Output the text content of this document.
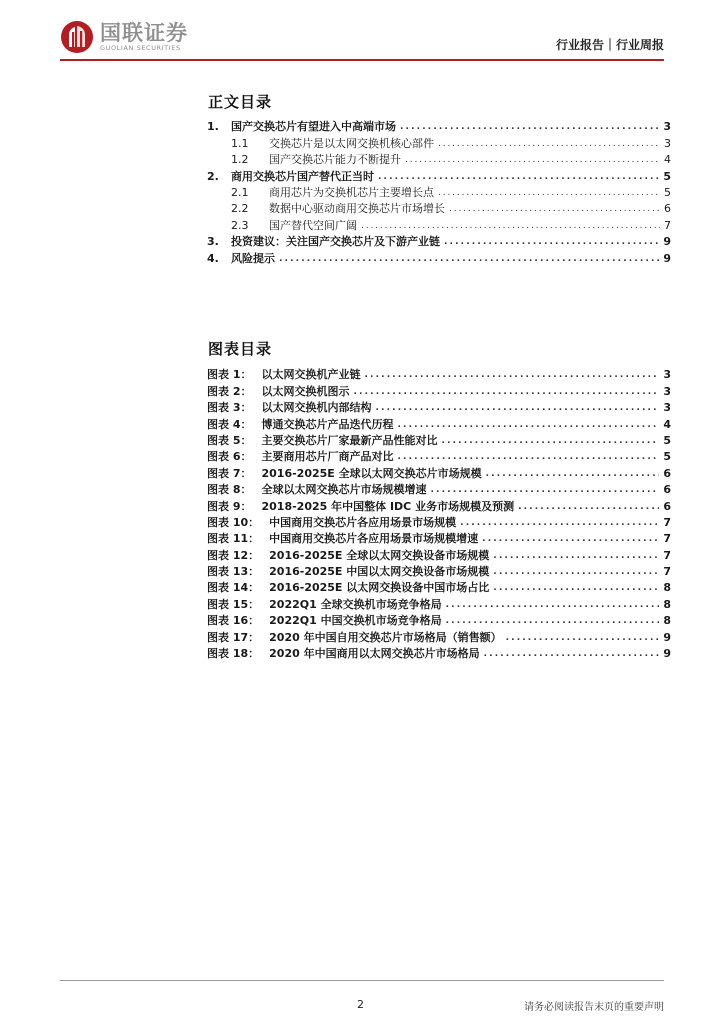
国联证券
GUOLIAN SECURITIES	行业报告｜行业周报
正文目录
1.	国产交换芯片有望进入中高端市场 . . .	3
1.1	交换芯片是以太网交换机核心部件 . . .	3
1.2	国产交换芯片能力不断提升 . . .	4
2.	商用交换芯片国产替代正当时 . . .	5
2.1	商用芯片为交换机芯片主要增长点 . . .	5
2.2	数据中心驱动商用交换芯片市场增长 . . .	6
2.3	国产替代空间广阔 . . .	7
3.	投资建议：关注国产交换芯片及下游产业链 . . .	9
4.	风险提示 . . .	9
图表目录
图表 1： 以太网交换机产业链 . . .	3
图表 2： 以太网交换机图示 . . .	3
图表 3： 以太网交换机内部结构 . . .	3
图表 4： 博通交换芯片产品迭代历程 . . .	4
图表 5： 主要交换芯片厂家最新产品性能对比 . . .	5
图表 6： 主要商用芯片厂商产品对比 . . .	5
图表 7： 2016-2025E 全球以太网交换芯片市场规模 . . .	6
图表 8： 全球以太网交换芯片市场规模增速 . . .	6
图表 9： 2018-2025 年中国整体 IDC 业务市场规模及预测 . . .	6
图表 10： 中国商用交换芯片各应用场景市场规模 . . .	7
图表 11： 中国商用交换芯片各应用场景市场规模增速 . . .	7
图表 12： 2016-2025E 全球以太网交换设备市场规模 . . .	7
图表 13： 2016-2025E 中国以太网交换设备市场规模 . . .	7
图表 14： 2016-2025E 以太网交换设备中国市场占比 . . .	8
图表 15： 2022Q1 全球交换机市场竞争格局 . . .	8
图表 16： 2022Q1 中国交换机市场竞争格局 . . .	8
图表 17： 2020 年中国自用交换芯片市场格局（销售额） . . .	9
图表 18： 2020 年中国商用以太网交换芯片市场格局 . . .	9
2	请务必阅读报告末页的重要声明
